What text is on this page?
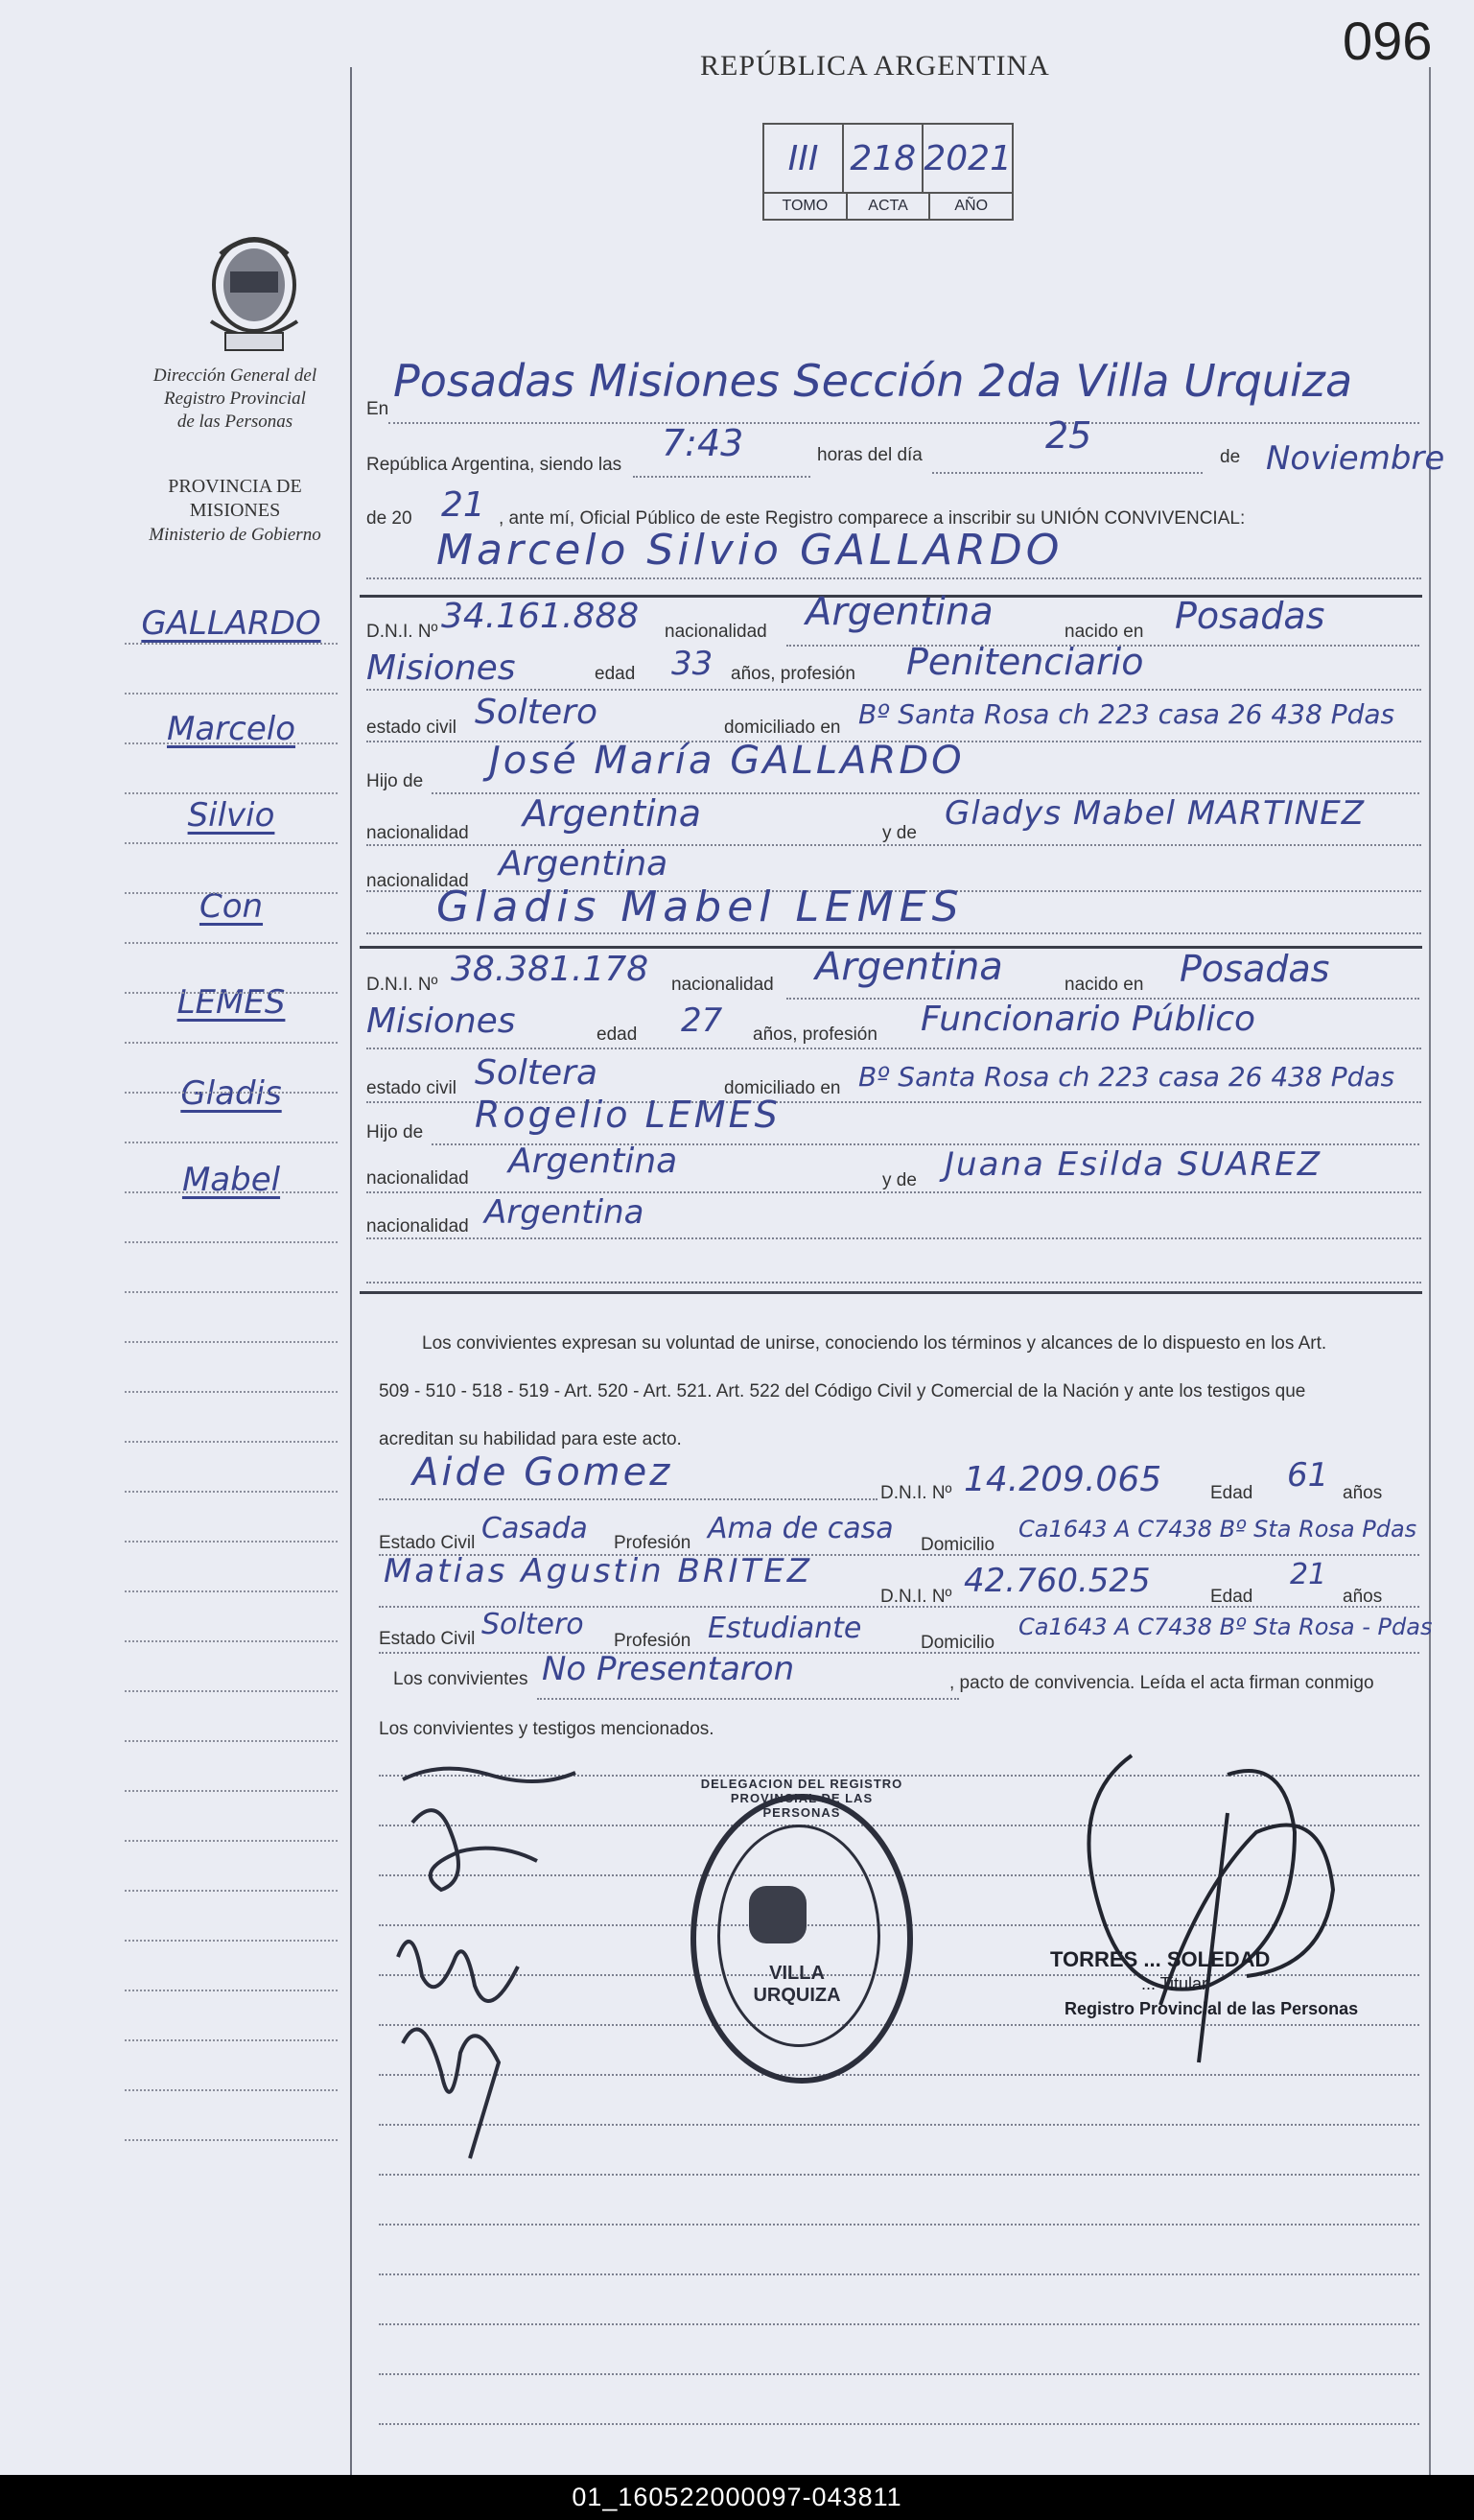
096
REPÚBLICA ARGENTINA
III 218 2021
TOMO	ACTA	AÑO
Dirección General del
Registro Provincial
de las Personas
PROVINCIA DE
MISIONES
Ministerio de Gobierno
GALLARDO
Marcelo
Silvio
Con
LEMES
Gladis
Mabel
En
Posadas Misiones Sección 2da Villa Urquiza
República Argentina, siendo las
7:43	horas del día	25
de Noviembre
de 20 21 , ante mí, Oficial Público de este Registro comparece a inscribir su UNIÓN CONVIVENCIAL:
Marcelo Silvio GALLARDO
D.N.I. Nº 34.161.888 nacionalidad Argentina	nacido en Posadas
Misiones	edad 33 años, profesión Penitenciario
estado civil Soltero	domiciliado en Bº Santa Rosa ch 223 casa 26 438 Pdas
Hijo de José María GALLARDO
nacionalidad Argentina	y de
Gladys Mabel MARTINEZ
nacionalidad Argentina
Gladis Mabel LEMES
D.N.I. Nº 38.381.178 nacionalidad Argentina	nacido en Posadas
Misiones	edad 27 años, profesión Funcionario Público
estado civil Soltera	domiciliado en Bº Santa Rosa ch 223 casa 26 438 Pdas
Hijo de Rogelio LEMES
nacionalidad Argentina	y de Juana Esilda SUAREZ
nacionalidad Argentina
Los convivientes expresan su voluntad de unirse, conociendo los términos y alcances de lo dispuesto en los Art.
509 - 510 - 518 - 519 - Art. 520 - Art. 521. Art. 522 del Código Civil y Comercial de la Nación y ante los testigos que
acreditan su habilidad para este acto.
Aide Gomez	D.N.I. Nº 14.209.065	Edad 61 años
Estado Civil Casada Profesión Ama de casa Domicilio
Ca1643 A C7438 Bº Sta Rosa Pdas
Matias Agustin BRITEZ
D.N.I. Nº 42.760.525	Edad
21
años
Estado Civil Soltero Profesión Estudiante	Domicilio
Ca1643 A C7438 Bº Sta Rosa - Pdas
Los convivientes No Presentaron	, pacto de convivencia. Leída el acta firman conmigo
Los convivientes y testigos mencionados.
DELEGACION DEL REGISTRO PROVINCIAL DE LAS PERSONAS
VILLA URQUIZA
TORRES ... SOLEDAD
... Titular
Registro Provincial de las Personas
01_160522000097-043811
